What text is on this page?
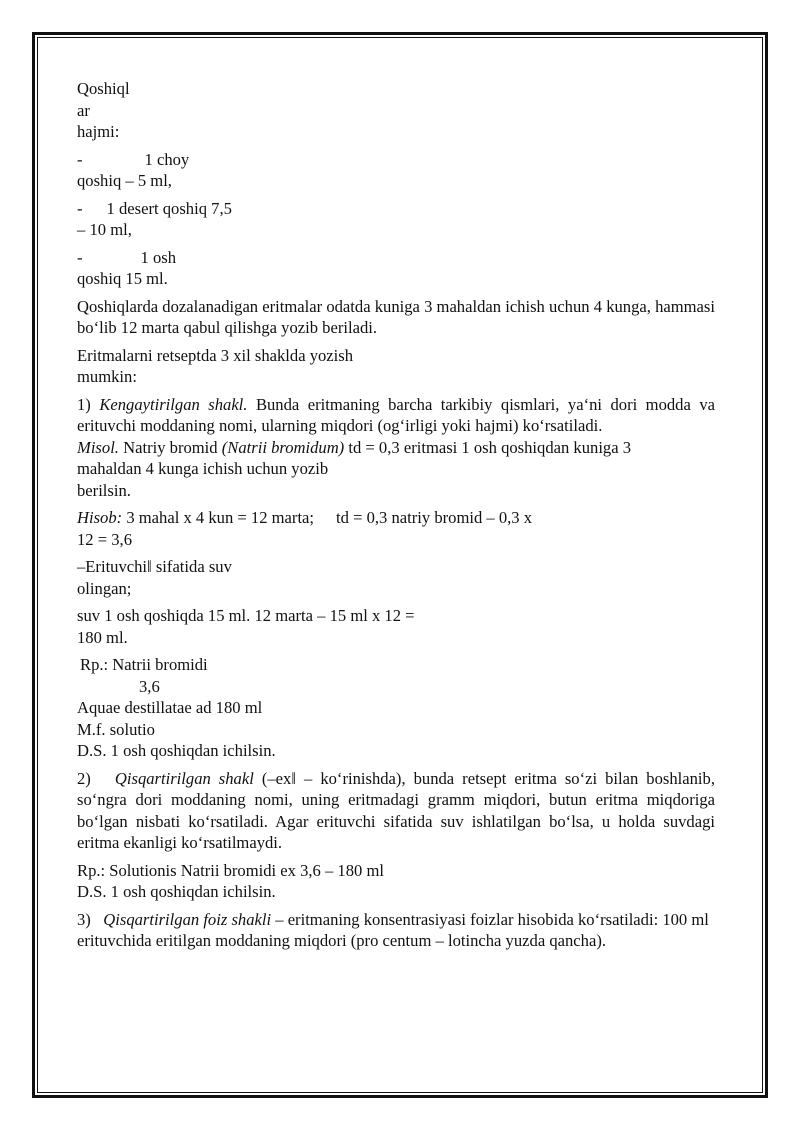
Qoshiql
ar
hajmi:
-	1 choy
qoshiq – 5 ml,
- 1 desert qoshiq 7,5
– 10 ml,
-	1 osh
qoshiq 15 ml.

Qoshiqlarda dozalanadigan eritmalar odatda kuniga 3 mahaldan ichish uchun 4 kunga, hammasi bo‘lib 12 marta qabul qilishga yozib beriladi.

Eritmalarni retseptda 3 xil shaklda yozish
mumkin:
1) Kengaytirilgan shakl. Bunda eritmaning barcha tarkibiy qismlari, ya‘ni dori modda va erituvchi moddaning nomi, ularning miqdori (og‘irligi yoki hajmi) ko‘rsatiladi.
Misol. Natriy bromid (Natrii bromidum) td = 0,3 eritmasi 1 osh qoshiqdan kuniga 3
mahaldan 4 kunga ichish uchun yozib
berilsin.
Hisob: 3 mahal x 4 kun = 12 marta; td = 0,3 natriy bromid – 0,3 x
12 = 3,6
–Erituvchi‖ sifatida suv
olingan;
suv 1 osh qoshiqda 15 ml. 12 marta – 15 ml x 12 =
180 ml.
Rp.: Natrii bromidi
3,6
Aquae destillatae ad 180 ml
M.f. solutio
D.S. 1 osh qoshiqdan ichilsin.

2) Qisqartirilgan shakl (–ex‖ – ko‘rinishda), bunda retsept eritma so‘zi bilan boshlanib, so‘ngra dori moddaning nomi, uning eritmadagi gramm miqdori, butun eritma miqdoriga bo‘lgan nisbati ko‘rsatiladi. Agar erituvchi sifatida suv ishlatilgan bo‘lsa, u holda suvdagi eritma ekanligi ko‘rsatilmaydi.

Rp.: Solutionis Natrii bromidi ex 3,6 – 180 ml
D.S. 1 osh qoshiqdan ichilsin.

3) Qisqartirilgan foiz shakli – eritmaning konsentrasiyasi foizlar hisobida ko‘rsatiladi: 100 ml erituvchida eritilgan moddaning miqdori (pro centum – lotincha yuzda qancha).
